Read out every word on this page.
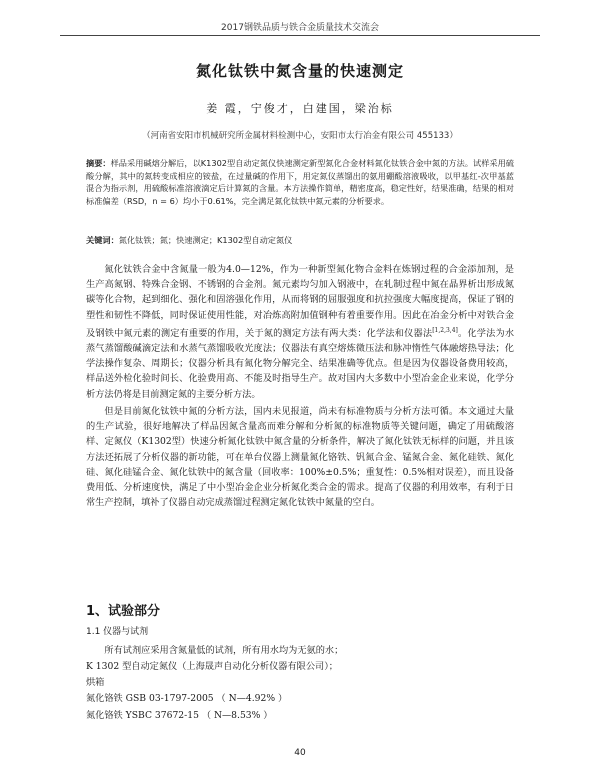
2017钢铁品质与铁合金质量技术交流会
氮化钛铁中氮含量的快速测定
姜 霞，宁俊才，白建国，梁治标
（河南省安阳市机械研究所金属材料检测中心，安阳市太行冶金有限公司 455133）
摘要：样品采用碱熔分解后，以K1302型自动定氮仪快速测定新型氮化合金材料氮化钛铁合金中氮的方法。试样采用硫酸分解，其中的氮转变成相应的铵盐，在过量碱的作用下，用定氮仪蒸馏出的氨用硼酸溶液吸收，以甲基红-次甲基蓝混合为指示剂，用硫酸标准溶液滴定后计算氮的含量。本方法操作简单，精密度高，稳定性好，结果准确，结果的相对标准偏差（RSD，n = 6）均小于0.61%，完全满足氮化钛铁中氮元素的分析要求。
关键词：氮化钛铁；氮；快速测定；K1302型自动定氮仪

氮化钛铁合金中含氮量一般为4.0—12%，作为一种新型氮化物合金料在炼钢过程的合金添加剂，是生产高氮钢、特殊合金钢、不锈钢的合金剂。氮元素均匀加入钢液中，在轧制过程中氮在晶界析出形成氮碳等化合物，起到细化、强化和固溶强化作用，从而将钢的屈服强度和抗拉强度大幅度提高，保证了钢的塑性和韧性不降低，同时保证使用性能，对冶炼高附加值钢种有着重要作用。因此在冶金分析中对铁合金及钢铁中氮元素的测定有重要的作用，关于氮的测定方法有两大类：化学法和仪器法[1,2,3,4]。化学法为水蒸气蒸馏酸碱滴定法和水蒸气蒸馏吸收光度法；仪器法有真空熔炼微压法和脉冲惰性气体融熔热导法；化学法操作复杂、周期长；仪器分析具有氮化物分解完全、结果准确等优点。但是因为仪器设备费用较高，样品送外检化验时间长、化验费用高、不能及时指导生产。故对国内大多数中小型冶金企业来说，化学分析方法仍将是目前测定氮的主要分析方法。

但是目前氮化钛铁中氮的分析方法，国内未见报道，尚未有标准物质与分析方法可循。本文通过大量的生产试验，很好地解决了样品因氮含量高而难分解和分析氮的标准物质等关键问题，确定了用硫酸溶样、定氮仪（K1302型）快速分析氮化钛铁中氮含量的分析条件，解决了氮化钛铁无标样的问题，并且该方法还拓展了分析仪器的新功能，可在单台仪器上测量氮化铬铁、钒氮合金、锰氮合金、氮化硅铁、氮化硅、氮化硅锰合金、氮化钛铁中的氮含量（回收率：100%±0.5%；重复性：0.5%相对误差），而且设备费用低、分析速度快，满足了中小型冶金企业分析氮化类合金的需求。提高了仪器的利用效率，有利于日常生产控制，填补了仪器自动完成蒸馏过程测定氮化钛铁中氮量的空白。

1、试验部分
1.1 仪器与试剂
所有试剂应采用含氮量低的试剂，所有用水均为无氨的水；
K 1302 型自动定氮仪（上海晟声自动化分析仪器有限公司）；
烘箱
氮化铬铁 GSB 03-1797-2005 （ N—4.92% ）
氮化铬铁 YSBC 37672-15 （ N—8.53% ）
40
